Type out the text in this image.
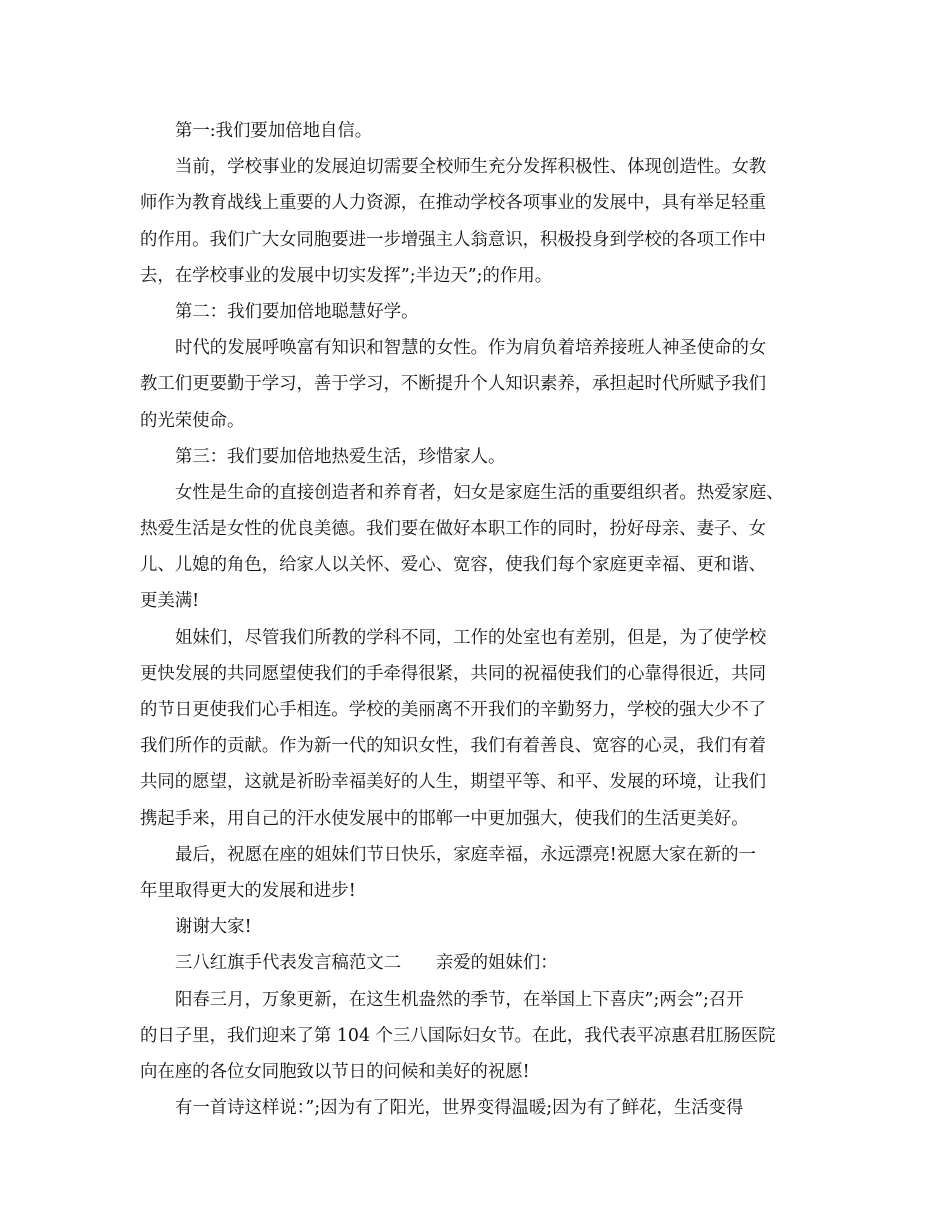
第一:我们要加倍地自信。
当前，学校事业的发展迫切需要全校师生充分发挥积极性、体现创造性。女教
师作为教育战线上重要的人力资源，在推动学校各项事业的发展中，具有举足轻重
的作用。我们广大女同胞要进一步增强主人翁意识，积极投身到学校的各项工作中
去，在学校事业的发展中切实发挥”;半边天”;的作用。
第二：我们要加倍地聪慧好学。
时代的发展呼唤富有知识和智慧的女性。作为肩负着培养接班人神圣使命的女
教工们更要勤于学习，善于学习，不断提升个人知识素养，承担起时代所赋予我们
的光荣使命。
第三：我们要加倍地热爱生活，珍惜家人。
女性是生命的直接创造者和养育者，妇女是家庭生活的重要组织者。热爱家庭、
热爱生活是女性的优良美德。我们要在做好本职工作的同时，扮好母亲、妻子、女
儿、儿媳的角色，给家人以关怀、爱心、宽容，使我们每个家庭更幸福、更和谐、
更美满!
姐妹们，尽管我们所教的学科不同，工作的处室也有差别，但是，为了使学校
更快发展的共同愿望使我们的手牵得很紧，共同的祝福使我们的心靠得很近，共同
的节日更使我们心手相连。学校的美丽离不开我们的辛勤努力，学校的强大少不了
我们所作的贡献。作为新一代的知识女性，我们有着善良、宽容的心灵，我们有着
共同的愿望，这就是祈盼幸福美好的人生，期望平等、和平、发展的环境，让我们
携起手来，用自己的汗水使发展中的邯郸一中更加强大，使我们的生活更美好。
最后，祝愿在座的姐妹们节日快乐，家庭幸福，永远漂亮!祝愿大家在新的一
年里取得更大的发展和进步!
谢谢大家!
三八红旗手代表发言稿范文二　　亲爱的姐妹们：
阳春三月，万象更新，在这生机盎然的季节，在举国上下喜庆”;两会”;召开
的日子里，我们迎来了第 104 个三八国际妇女节。在此，我代表平凉惠君肛肠医院
向在座的各位女同胞致以节日的问候和美好的祝愿!
有一首诗这样说：”;因为有了阳光，世界变得温暖;因为有了鲜花，生活变得
